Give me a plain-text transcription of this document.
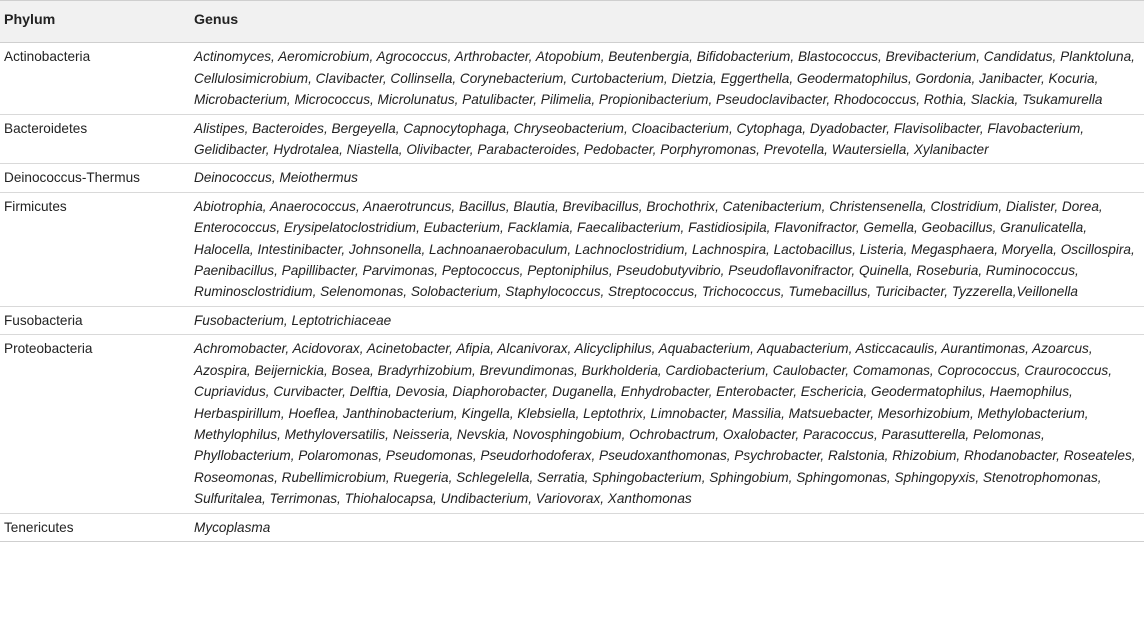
Phylum	Genus
Actinobacteria	Actinomyces, Aeromicrobium, Agrococcus, Arthrobacter, Atopobium, Beutenbergia, Bifidobacterium, Blastococcus, Brevibacterium, Candidatus, Planktoluna, Cellulosimicrobium, Clavibacter, Collinsella, Corynebacterium, Curtobacterium, Dietzia, Eggerthella, Geodermatophilus, Gordonia, Janibacter, Kocuria, Microbacterium, Micrococcus, Microlunatus, Patulibacter, Pilimelia, Propionibacterium, Pseudoclavibacter, Rhodococcus, Rothia, Slackia, Tsukamurella
Bacteroidetes	Alistipes, Bacteroides, Bergeyella, Capnocytophaga, Chryseobacterium, Cloacibacterium, Cytophaga, Dyadobacter, Flavisolibacter, Flavobacterium, Gelidibacter, Hydrotalea, Niastella, Olivibacter, Parabacteroides, Pedobacter, Porphyromonas, Prevotella, Wautersiella, Xylanibacter
Deinococcus-Thermus	Deinococcus, Meiothermus
Firmicutes	Abiotrophia, Anaerococcus, Anaerotruncus, Bacillus, Blautia, Brevibacillus, Brochothrix, Catenibacterium, Christensenella, Clostridium, Dialister, Dorea, Enterococcus, Erysipelatoclostridium, Eubacterium, Facklamia, Faecalibacterium, Fastidiosipila, Flavonifractor, Gemella, Geobacillus, Granulicatella, Halocella, Intestinibacter, Johnsonella, Lachnoanaerobaculum, Lachnoclostridium, Lachnospira, Lactobacillus, Listeria, Megasphaera, Moryella, Oscillospira, Paenibacillus, Papillibacter, Parvimonas, Peptococcus, Peptoniphilus, Pseudobutyvibrio, Pseudoflavonifractor, Quinella, Roseburia, Ruminococcus, Ruminosclostridium, Selenomonas, Solobacterium, Staphylococcus, Streptococcus, Trichococcus, Tumebacillus, Turicibacter, Tyzzerella,Veillonella
Fusobacteria	Fusobacterium, Leptotrichiaceae
Proteobacteria	Achromobacter, Acidovorax, Acinetobacter, Afipia, Alcanivorax, Alicycliphilus, Aquabacterium, Aquabacterium, Asticcacaulis, Aurantimonas, Azoarcus, Azospira, Beijernickia, Bosea, Bradyrhizobium, Brevundimonas, Burkholderia, Cardiobacterium, Caulobacter, Comamonas, Coprococcus, Craurococcus, Cupriavidus, Curvibacter, Delftia, Devosia, Diaphorobacter, Duganella, Enhydrobacter, Enterobacter, Eschericia, Geodermatophilus, Haemophilus, Herbaspirillum, Hoeflea, Janthinobacterium, Kingella, Klebsiella, Leptothrix, Limnobacter, Massilia, Matsuebacter, Mesorhizobium, Methylobacterium, Methylophilus, Methyloversatilis, Neisseria, Nevskia, Novosphingobium, Ochrobactrum, Oxalobacter, Paracoccus, Parasutterella, Pelomonas, Phyllobacterium, Polaromonas, Pseudomonas, Pseudorhodoferax, Pseudoxanthomonas, Psychrobacter, Ralstonia, Rhizobium, Rhodanobacter, Roseateles, Roseomonas, Rubellimicrobium, Ruegeria, Schlegelella, Serratia, Sphingobacterium, Sphingobium, Sphingomonas, Sphingopyxis, Stenotrophomonas, Sulfuritalea, Terrimonas, Thiohalocapsa, Undibacterium, Variovorax, Xanthomonas
Tenericutes	Mycoplasma
